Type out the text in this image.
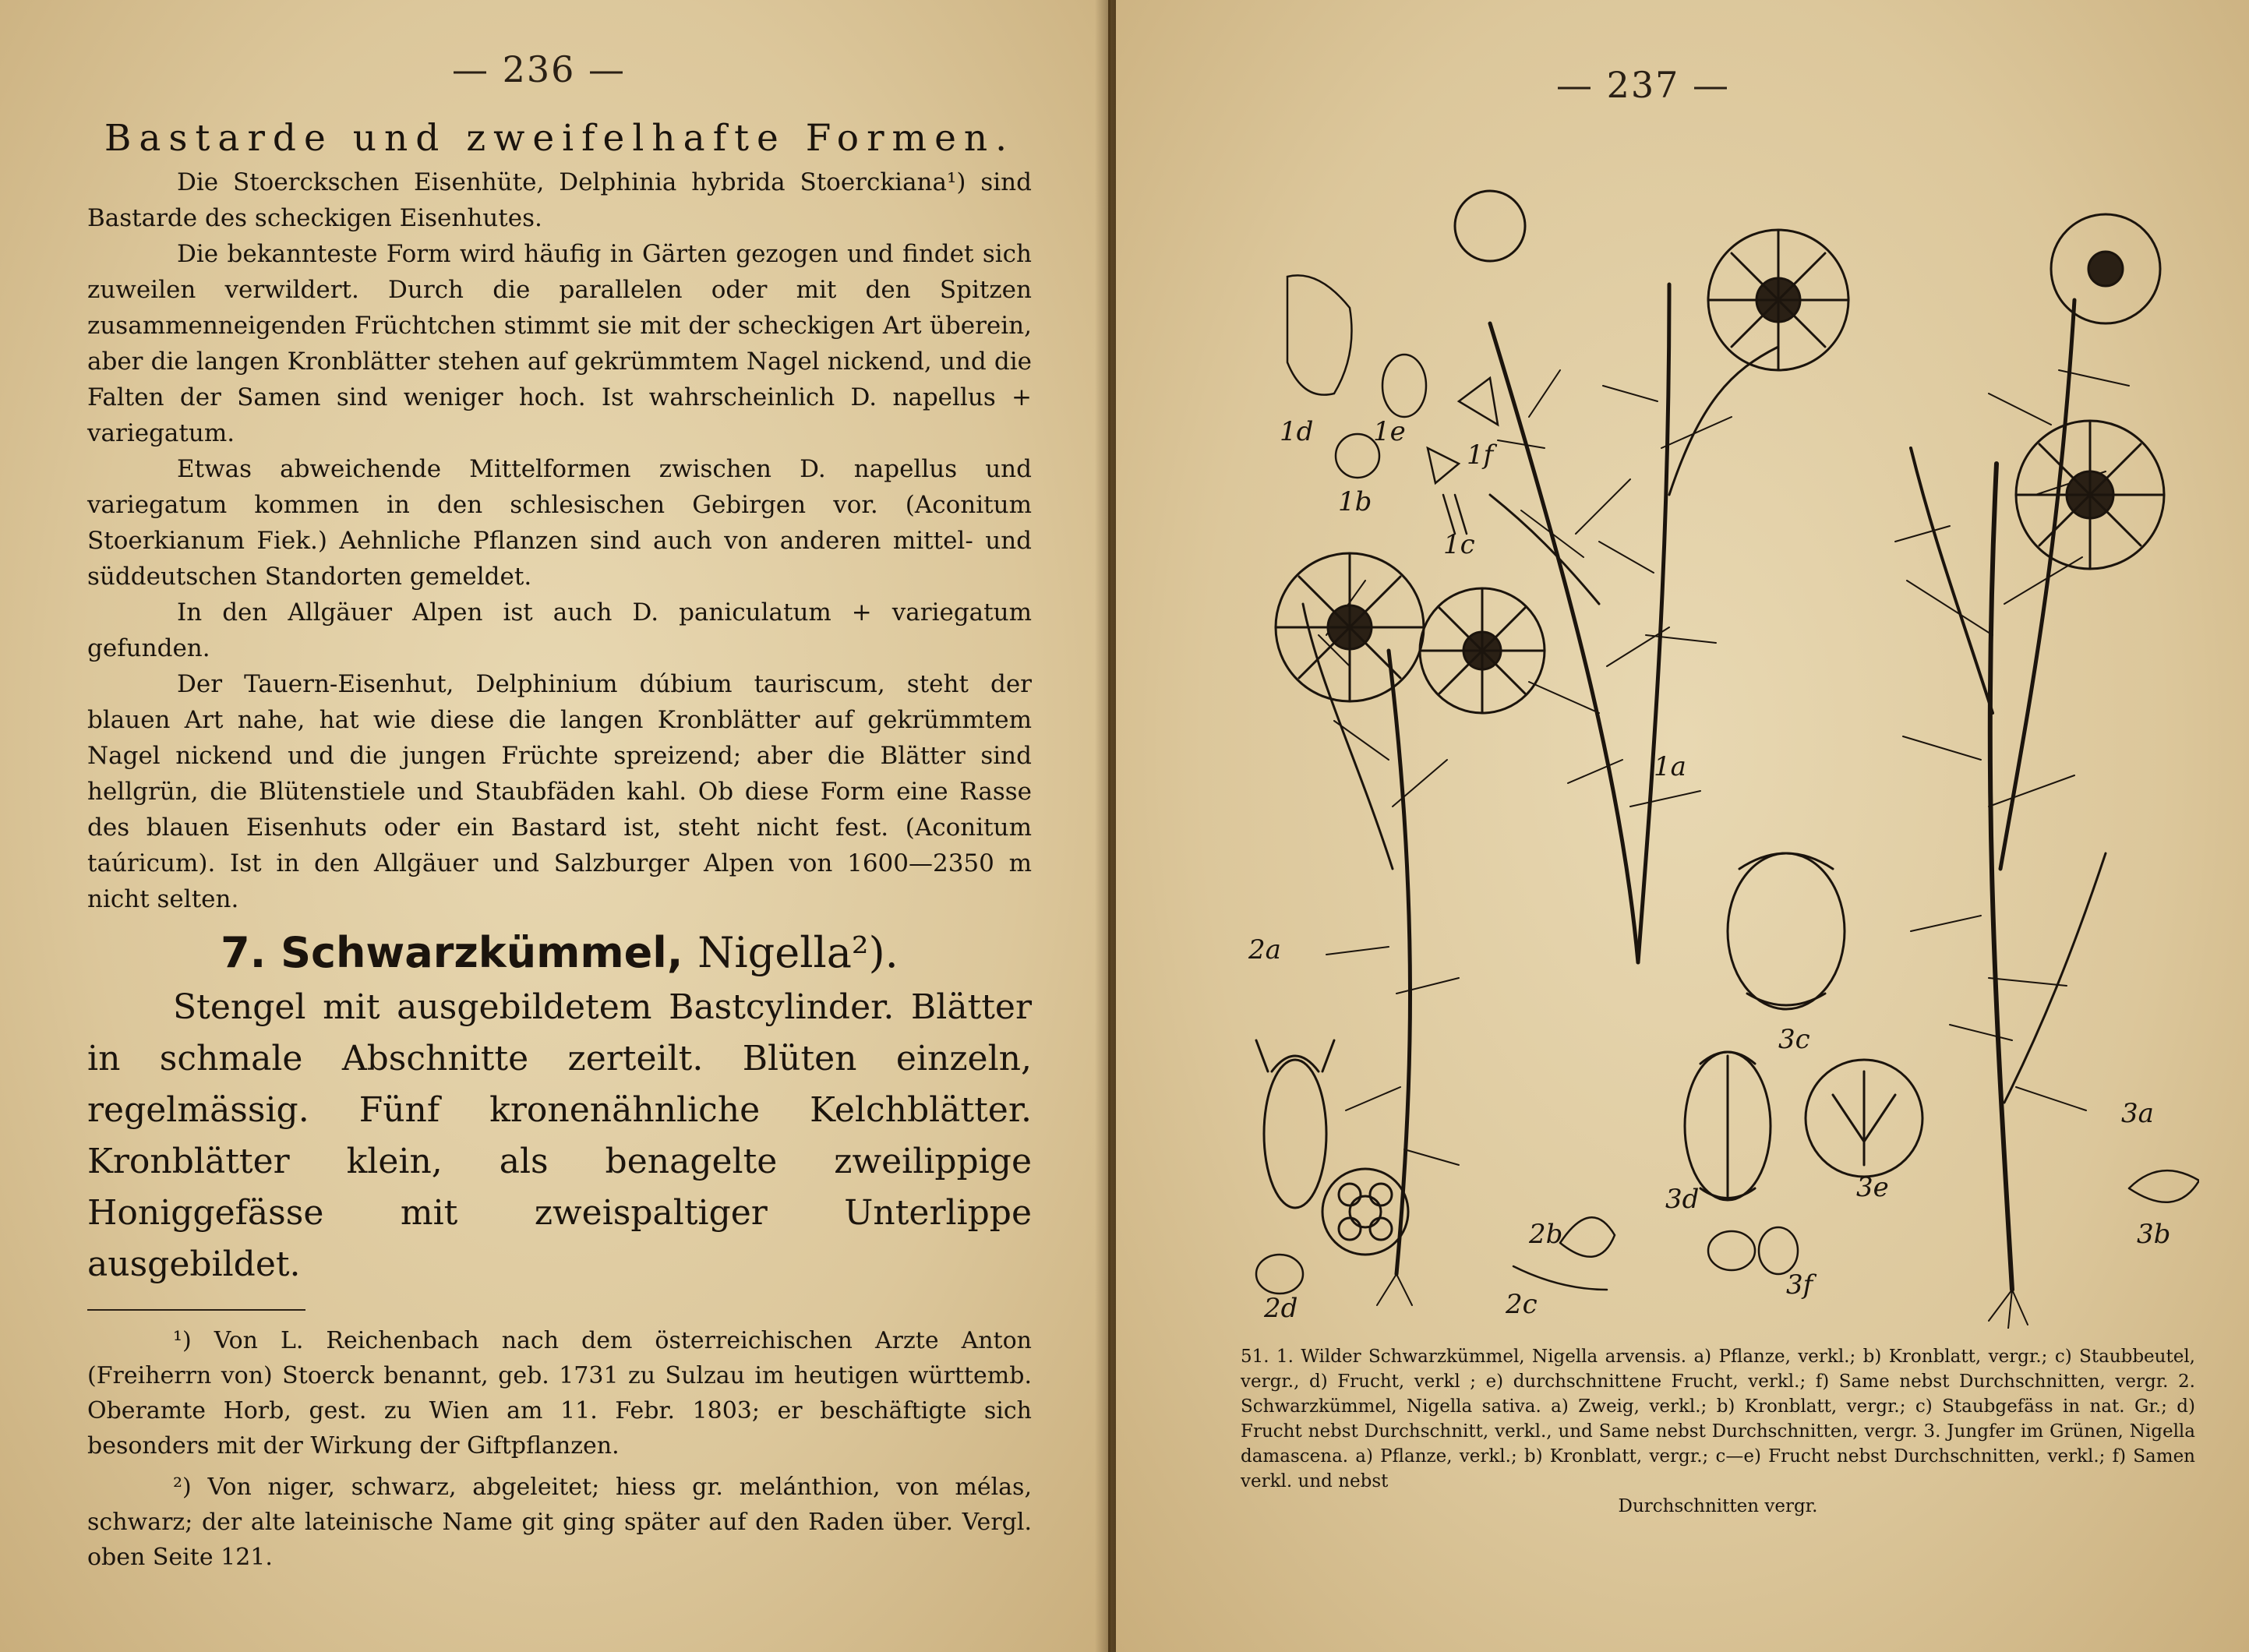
— 236 —
Bastarde und zweifelhafte Formen.

Die Stoerckschen Eisenhüte, Delphinia hybrida Stoerckiana¹) sind Bastarde des scheckigen Eisenhutes.

Die bekannteste Form wird häufig in Gärten gezogen und findet sich zuweilen verwildert. Durch die parallelen oder mit den Spitzen zusammenneigenden Früchtchen stimmt sie mit der scheckigen Art überein, aber die langen Kronblätter stehen auf gekrümmtem Nagel nickend, und die Falten der Samen sind weniger hoch. Ist wahrscheinlich D. napellus + variegatum.

Etwas abweichende Mittelformen zwischen D. napellus und variegatum kommen in den schlesischen Gebirgen vor. (Aconitum Stoerkianum Fiek.) Aehnliche Pflanzen sind auch von anderen mittel- und süddeutschen Standorten gemeldet.

In den Allgäuer Alpen ist auch D. paniculatum + variegatum gefunden.

Der Tauern-Eisenhut, Delphinium dúbium tauriscum, steht der blauen Art nahe, hat wie diese die langen Kronblätter auf gekrümmtem Nagel nickend und die jungen Früchte spreizend; aber die Blätter sind hellgrün, die Blütenstiele und Staubfäden kahl. Ob diese Form eine Rasse des blauen Eisenhuts oder ein Bastard ist, steht nicht fest. (Aconitum taúricum). Ist in den Allgäuer und Salzburger Alpen von 1600—2350 m nicht selten.

7. Schwarzkümmel, Nigella²).

Stengel mit ausgebildetem Bastcylinder. Blätter in schmale Abschnitte zerteilt. Blüten einzeln, regelmässig. Fünf kronenähnliche Kelchblätter. Kronblätter klein, als benagelte zweilippige Honiggefässe mit zweispaltiger Unterlippe ausgebildet.

¹) Von L. Reichenbach nach dem österreichischen Arzte Anton (Freiherrn von) Stoerck benannt, geb. 1731 zu Sulzau im heutigen württemb. Oberamte Horb, gest. zu Wien am 11. Febr. 1803; er beschäftigte sich besonders mit der Wirkung der Giftpflanzen.

²) Von niger, schwarz, abgeleitet; hiess gr. melánthion, von mélas, schwarz; der alte lateinische Name git ging später auf den Raden über. Vergl. oben Seite 121.

— 237 —
1d 1e
1f
1b
1c
1a
2a
2b
2c
2d
3a
3b
3c
3d	3e
3f
51. 1. Wilder Schwarzkümmel, Nigella arvensis. a) Pflanze, verkl.; b) Kronblatt, vergr.; c) Staubbeutel, vergr., d) Frucht, verkl ; e) durchschnittene Frucht, verkl.; f) Same nebst Durchschnitten, vergr. 2. Schwarzkümmel, Nigella sativa. a) Zweig, verkl.; b) Kronblatt, vergr.; c) Staubgefäss in nat. Gr.; d) Frucht nebst Durchschnitt, verkl., und Same nebst Durchschnitten, vergr. 3. Jungfer im Grünen, Nigella damascena. a) Pflanze, verkl.; b) Kronblatt, vergr.; c—e) Frucht nebst Durchschnitten, verkl.; f) Samen verkl. und nebst
Durchschnitten vergr.
